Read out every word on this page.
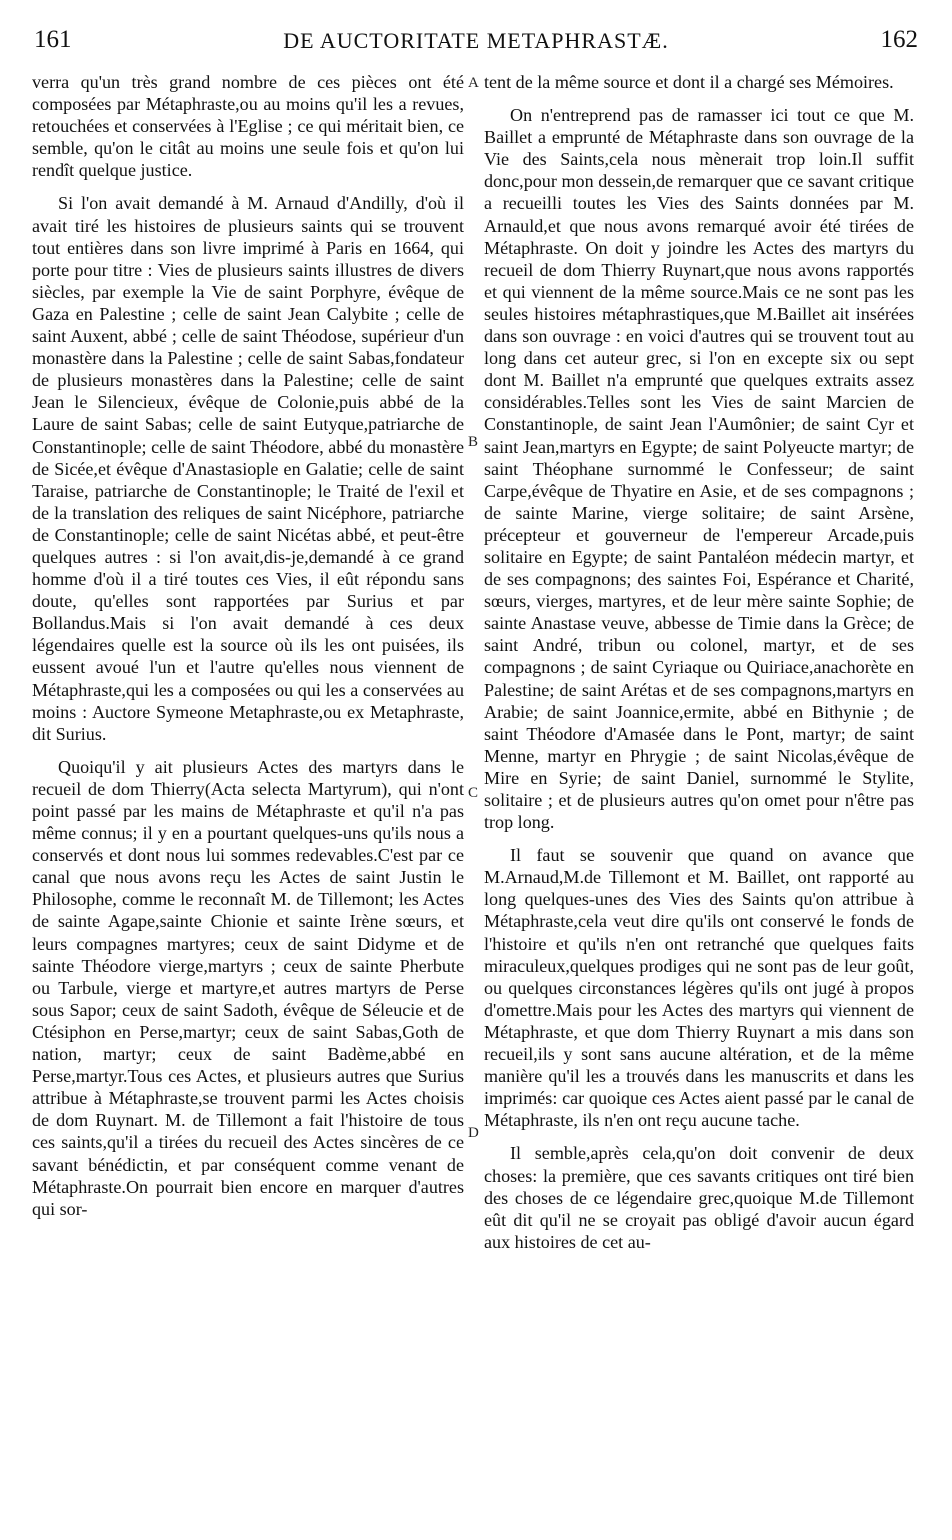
161	DE AUCTORITATE METAPHRASTÆ.	162

verra qu'un très grand nombre de ces pièces ont été composées par Métaphraste,ou au moins qu'il les a revues, retouchées et conservées à l'Eglise ; ce qui méritait bien, ce semble, qu'on le citât au moins une seule fois et qu'on lui rendît quelque justice.

Si l'on avait demandé à M. Arnaud d'Andilly, d'où il avait tiré les histoires de plusieurs saints qui se trouvent tout entières dans son livre imprimé à Paris en 1664, qui porte pour titre : Vies de plusieurs saints illustres de divers siècles, par exemple la Vie de saint Porphyre, évêque de Gaza en Palestine ; celle de saint Jean Calybite ; celle de saint Auxent, abbé ; celle de saint Théodose, supérieur d'un monastère dans la Palestine ; celle de saint Sabas,fondateur de plusieurs monastères dans la Palestine; celle de saint Jean le Silencieux, évêque de Colonie,puis abbé de la Laure de saint Sabas; celle de saint Eutyque,patriarche de Constantinople; celle de saint Théodore, abbé du monastère de Sicée,et évêque d'Anastasiople en Galatie; celle de saint Taraise, patriarche de Constantinople; le Traité de l'exil et de la translation des reliques de saint Nicéphore, patriarche de Constantinople; celle de saint Nicétas abbé, et peut-être quelques autres : si l'on avait,dis-je,demandé à ce grand homme d'où il a tiré toutes ces Vies, il eût répondu sans doute, qu'elles sont rapportées par Surius et par Bollandus.Mais si l'on avait demandé à ces deux légendaires quelle est la source où ils les ont puisées, ils eussent avoué l'un et l'autre qu'elles nous viennent de Métaphraste,qui les a composées ou qui les a conservées au moins : Auctore Symeone Metaphraste,ou ex Metaphraste, dit Surius.

Quoiqu'il y ait plusieurs Actes des martyrs dans le recueil de dom Thierry(Acta selecta Martyrum), qui n'ont point passé par les mains de Métaphraste et qu'il n'a pas même connus; il y en a pourtant quelques-uns qu'ils nous a conservés et dont nous lui sommes redevables.C'est par ce canal que nous avons reçu les Actes de saint Justin le Philosophe, comme le reconnaît M. de Tillemont; les Actes de sainte Agape,sainte Chionie et sainte Irène sœurs, et leurs compagnes martyres; ceux de saint Didyme et de sainte Théodore vierge,martyrs ; ceux de sainte Pherbute ou Tarbule, vierge et martyre,et autres martyrs de Perse sous Sapor; ceux de saint Sadoth, évêque de Séleucie et de Ctésiphon en Perse,martyr; ceux de saint Sabas,Goth de nation, martyr; ceux de saint Badème,abbé en Perse,martyr.Tous ces Actes, et plusieurs autres que Surius attribue à Métaphraste,se trouvent parmi les Actes choisis de dom Ruynart. M. de Tillemont a fait l'histoire de tous ces saints,qu'il a tirées du recueil des Actes sincères de ce savant bénédictin, et par conséquent comme venant de Métaphraste.On pourrait bien encore en marquer d'autres qui sor-

A
B
C
D

tent de la même source et dont il a chargé ses Mémoires.

On n'entreprend pas de ramasser ici tout ce que M. Baillet a emprunté de Métaphraste dans son ouvrage de la Vie des Saints,cela nous mènerait trop loin.Il suffit donc,pour mon dessein,de remarquer que ce savant critique a recueilli toutes les Vies des Saints données par M. Arnauld,et que nous avons remarqué avoir été tirées de Métaphraste. On doit y joindre les Actes des martyrs du recueil de dom Thierry Ruynart,que nous avons rapportés et qui viennent de la même source.Mais ce ne sont pas les seules histoires métaphrastiques,que M.Baillet ait insérées dans son ouvrage : en voici d'autres qui se trouvent tout au long dans cet auteur grec, si l'on en excepte six ou sept dont M. Baillet n'a emprunté que quelques extraits assez considérables.Telles sont les Vies de saint Marcien de Constantinople, de saint Jean l'Aumônier; de saint Cyr et saint Jean,martyrs en Egypte; de saint Polyeucte martyr; de saint Théophane surnommé le Confesseur; de saint Carpe,évêque de Thyatire en Asie, et de ses compagnons ; de sainte Marine, vierge solitaire; de saint Arsène, précepteur et gouverneur de l'empereur Arcade,puis solitaire en Egypte; de saint Pantaléon médecin martyr, et de ses compagnons; des saintes Foi, Espérance et Charité, sœurs, vierges, martyres, et de leur mère sainte Sophie; de sainte Anastase veuve, abbesse de Timie dans la Grèce; de saint André, tribun ou colonel, martyr, et de ses compagnons ; de saint Cyriaque ou Quiriace,anachorète en Palestine; de saint Arétas et de ses compagnons,martyrs en Arabie; de saint Joannice,ermite, abbé en Bithynie ; de saint Théodore d'Amasée dans le Pont, martyr; de saint Menne, martyr en Phrygie ; de saint Nicolas,évêque de Mire en Syrie; de saint Daniel, surnommé le Stylite, solitaire ; et de plusieurs autres qu'on omet pour n'être pas trop long.

Il faut se souvenir que quand on avance que M.Arnaud,M.de Tillemont et M. Baillet, ont rapporté au long quelques-unes des Vies des Saints qu'on attribue à Métaphraste,cela veut dire qu'ils ont conservé le fonds de l'histoire et qu'ils n'en ont retranché que quelques faits miraculeux,quelques prodiges qui ne sont pas de leur goût, ou quelques circonstances légères qu'ils ont jugé à propos d'omettre.Mais pour les Actes des martyrs qui viennent de Métaphraste, et que dom Thierry Ruynart a mis dans son recueil,ils y sont sans aucune altération, et de la même manière qu'il les a trouvés dans les manuscrits et dans les imprimés: car quoique ces Actes aient passé par le canal de Métaphraste, ils n'en ont reçu aucune tache.

Il semble,après cela,qu'on doit convenir de deux choses: la première, que ces savants critiques ont tiré bien des choses de ce légendaire grec,quoique M.de Tillemont eût dit qu'il ne se croyait pas obligé d'avoir aucun égard aux histoires de cet au-
